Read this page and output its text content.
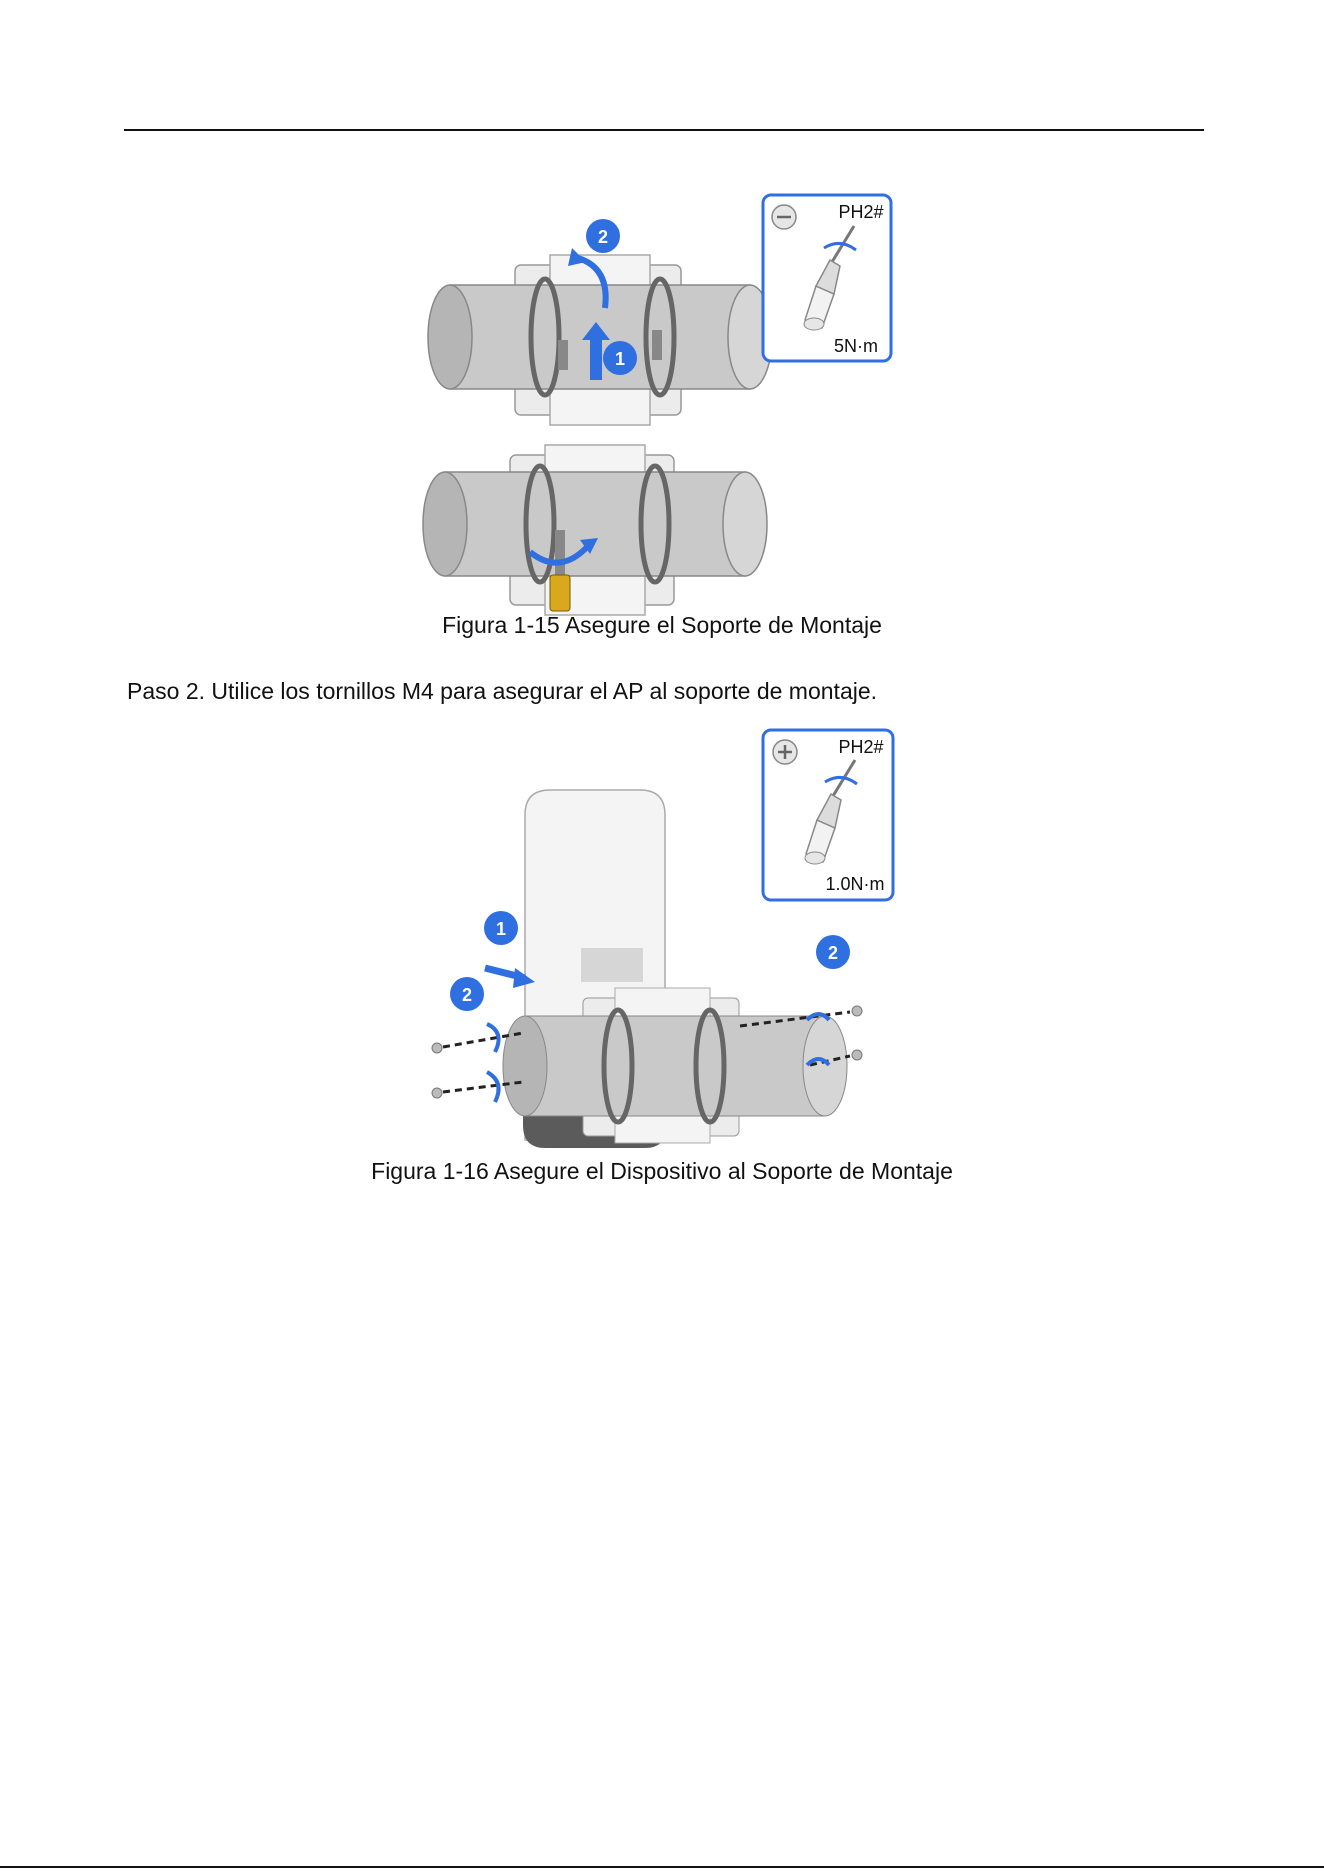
2
1
PH2#
5N·m
Figura 1-15 Asegure el Soporte de Montaje
Paso 2. Utilice los tornillos M4 para asegurar el AP al soporte de montaje.
1
2
2
PH2#
1.0N·m
Figura 1-16 Asegure el Dispositivo al Soporte de Montaje
